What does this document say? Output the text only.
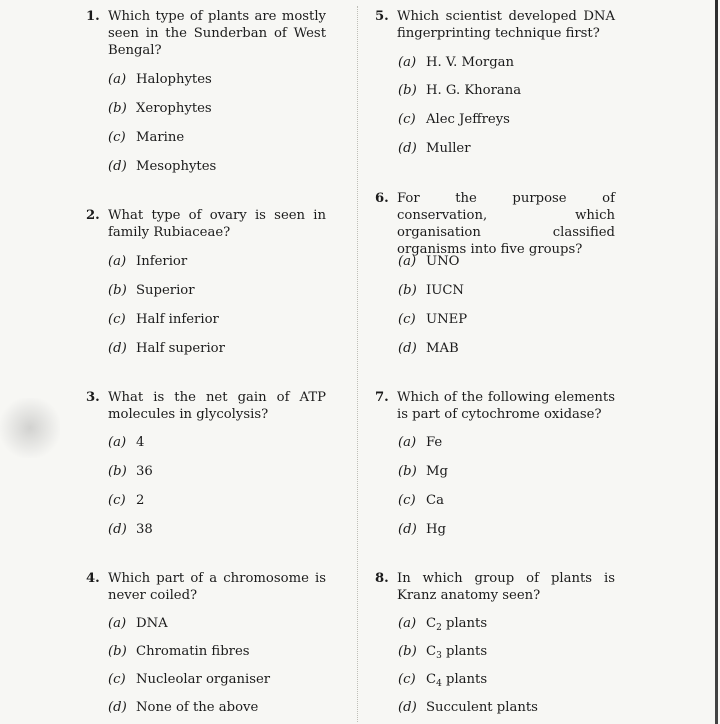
1. Which type of plants are mostly seen in the Sunderban of West Bengal?
(a) Halophytes
(b) Xerophytes
(c) Marine
(d) Mesophytes
2. What type of ovary is seen in family Rubiaceae?
(a) Inferior
(b) Superior
(c) Half inferior
(d) Half superior
3. What is the net gain of ATP molecules in glycolysis?
(a) 4
(b) 36
(c) 2
(d) 38
4. Which part of a chromosome is never coiled?
(a) DNA
(b) Chromatin fibres
(c) Nucleolar organiser
(d) None of the above
5. Which scientist developed DNA fingerprinting technique first?
(a) H. V. Morgan
(b) H. G. Khorana
(c) Alec Jeffreys
(d) Muller
6. For the purpose of conservation, which organisation classified organisms into five groups?
(a) UNO
(b) IUCN
(c) UNEP
(d) MAB
7. Which of the following elements is part of cytochrome oxidase?
(a) Fe
(b) Mg
(c) Ca
(d) Hg
8. In which group of plants is Kranz anatomy seen?
(a) $C_2$ plants
(b) $C_3$ plants
(c) $C_4$ plants
(d) Succulent plants
